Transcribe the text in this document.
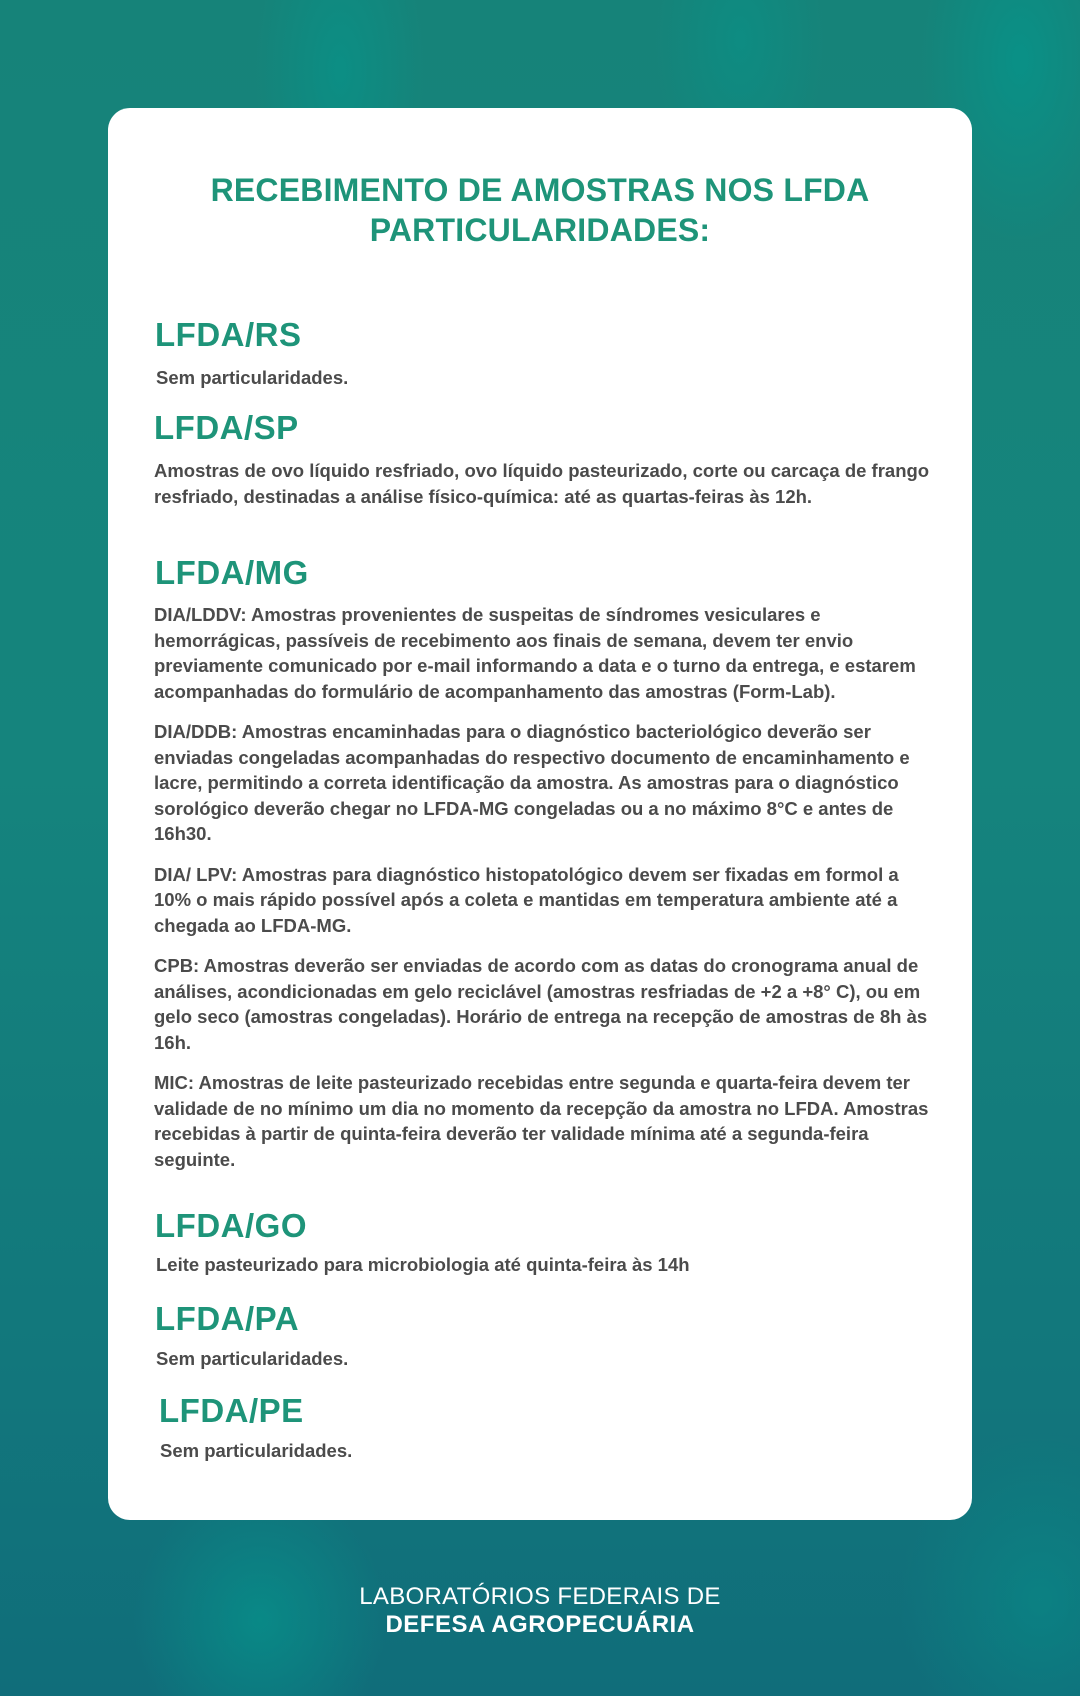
RECEBIMENTO DE AMOSTRAS NOS LFDA
PARTICULARIDADES:
LFDA/RS

Sem particularidades.

LFDA/SP

Amostras de ovo líquido resfriado, ovo líquido pasteurizado, corte ou carcaça de frango resfriado, destinadas a análise físico-química: até as quartas-feiras às 12h.

LFDA/MG

DIA/LDDV: Amostras provenientes de suspeitas de síndromes vesiculares e hemorrágicas, passíveis de recebimento aos finais de semana, devem ter envio previamente comunicado por e-mail informando a data e o turno da entrega, e estarem acompanhadas do formulário de acompanhamento das amostras (Form-Lab).

DIA/DDB: Amostras encaminhadas para o diagnóstico bacteriológico deverão ser enviadas congeladas acompanhadas do respectivo documento de encaminhamento e lacre, permitindo a correta identificação da amostra. As amostras para o diagnóstico sorológico deverão chegar no LFDA-MG congeladas ou a no máximo 8°C e antes de 16h30.

DIA/ LPV: Amostras para diagnóstico histopatológico devem ser fixadas em formol a 10% o mais rápido possível após a coleta e mantidas em temperatura ambiente até a chegada ao LFDA-MG.

CPB: Amostras deverão ser enviadas de acordo com as datas do cronograma anual de análises, acondicionadas em gelo reciclável (amostras resfriadas de +2 a +8° C), ou em gelo seco (amostras congeladas). Horário de entrega na recepção de amostras de 8h às 16h.

MIC: Amostras de leite pasteurizado recebidas entre segunda e quarta-feira devem ter validade de no mínimo um dia no momento da recepção da amostra no LFDA. Amostras recebidas à partir de quinta-feira deverão ter validade mínima até a segunda-feira seguinte.

LFDA/GO

Leite pasteurizado para microbiologia até quinta-feira às 14h

LFDA/PA

Sem particularidades.

LFDA/PE

Sem particularidades.

LABORATÓRIOS FEDERAIS DE
DEFESA AGROPECUÁRIA
